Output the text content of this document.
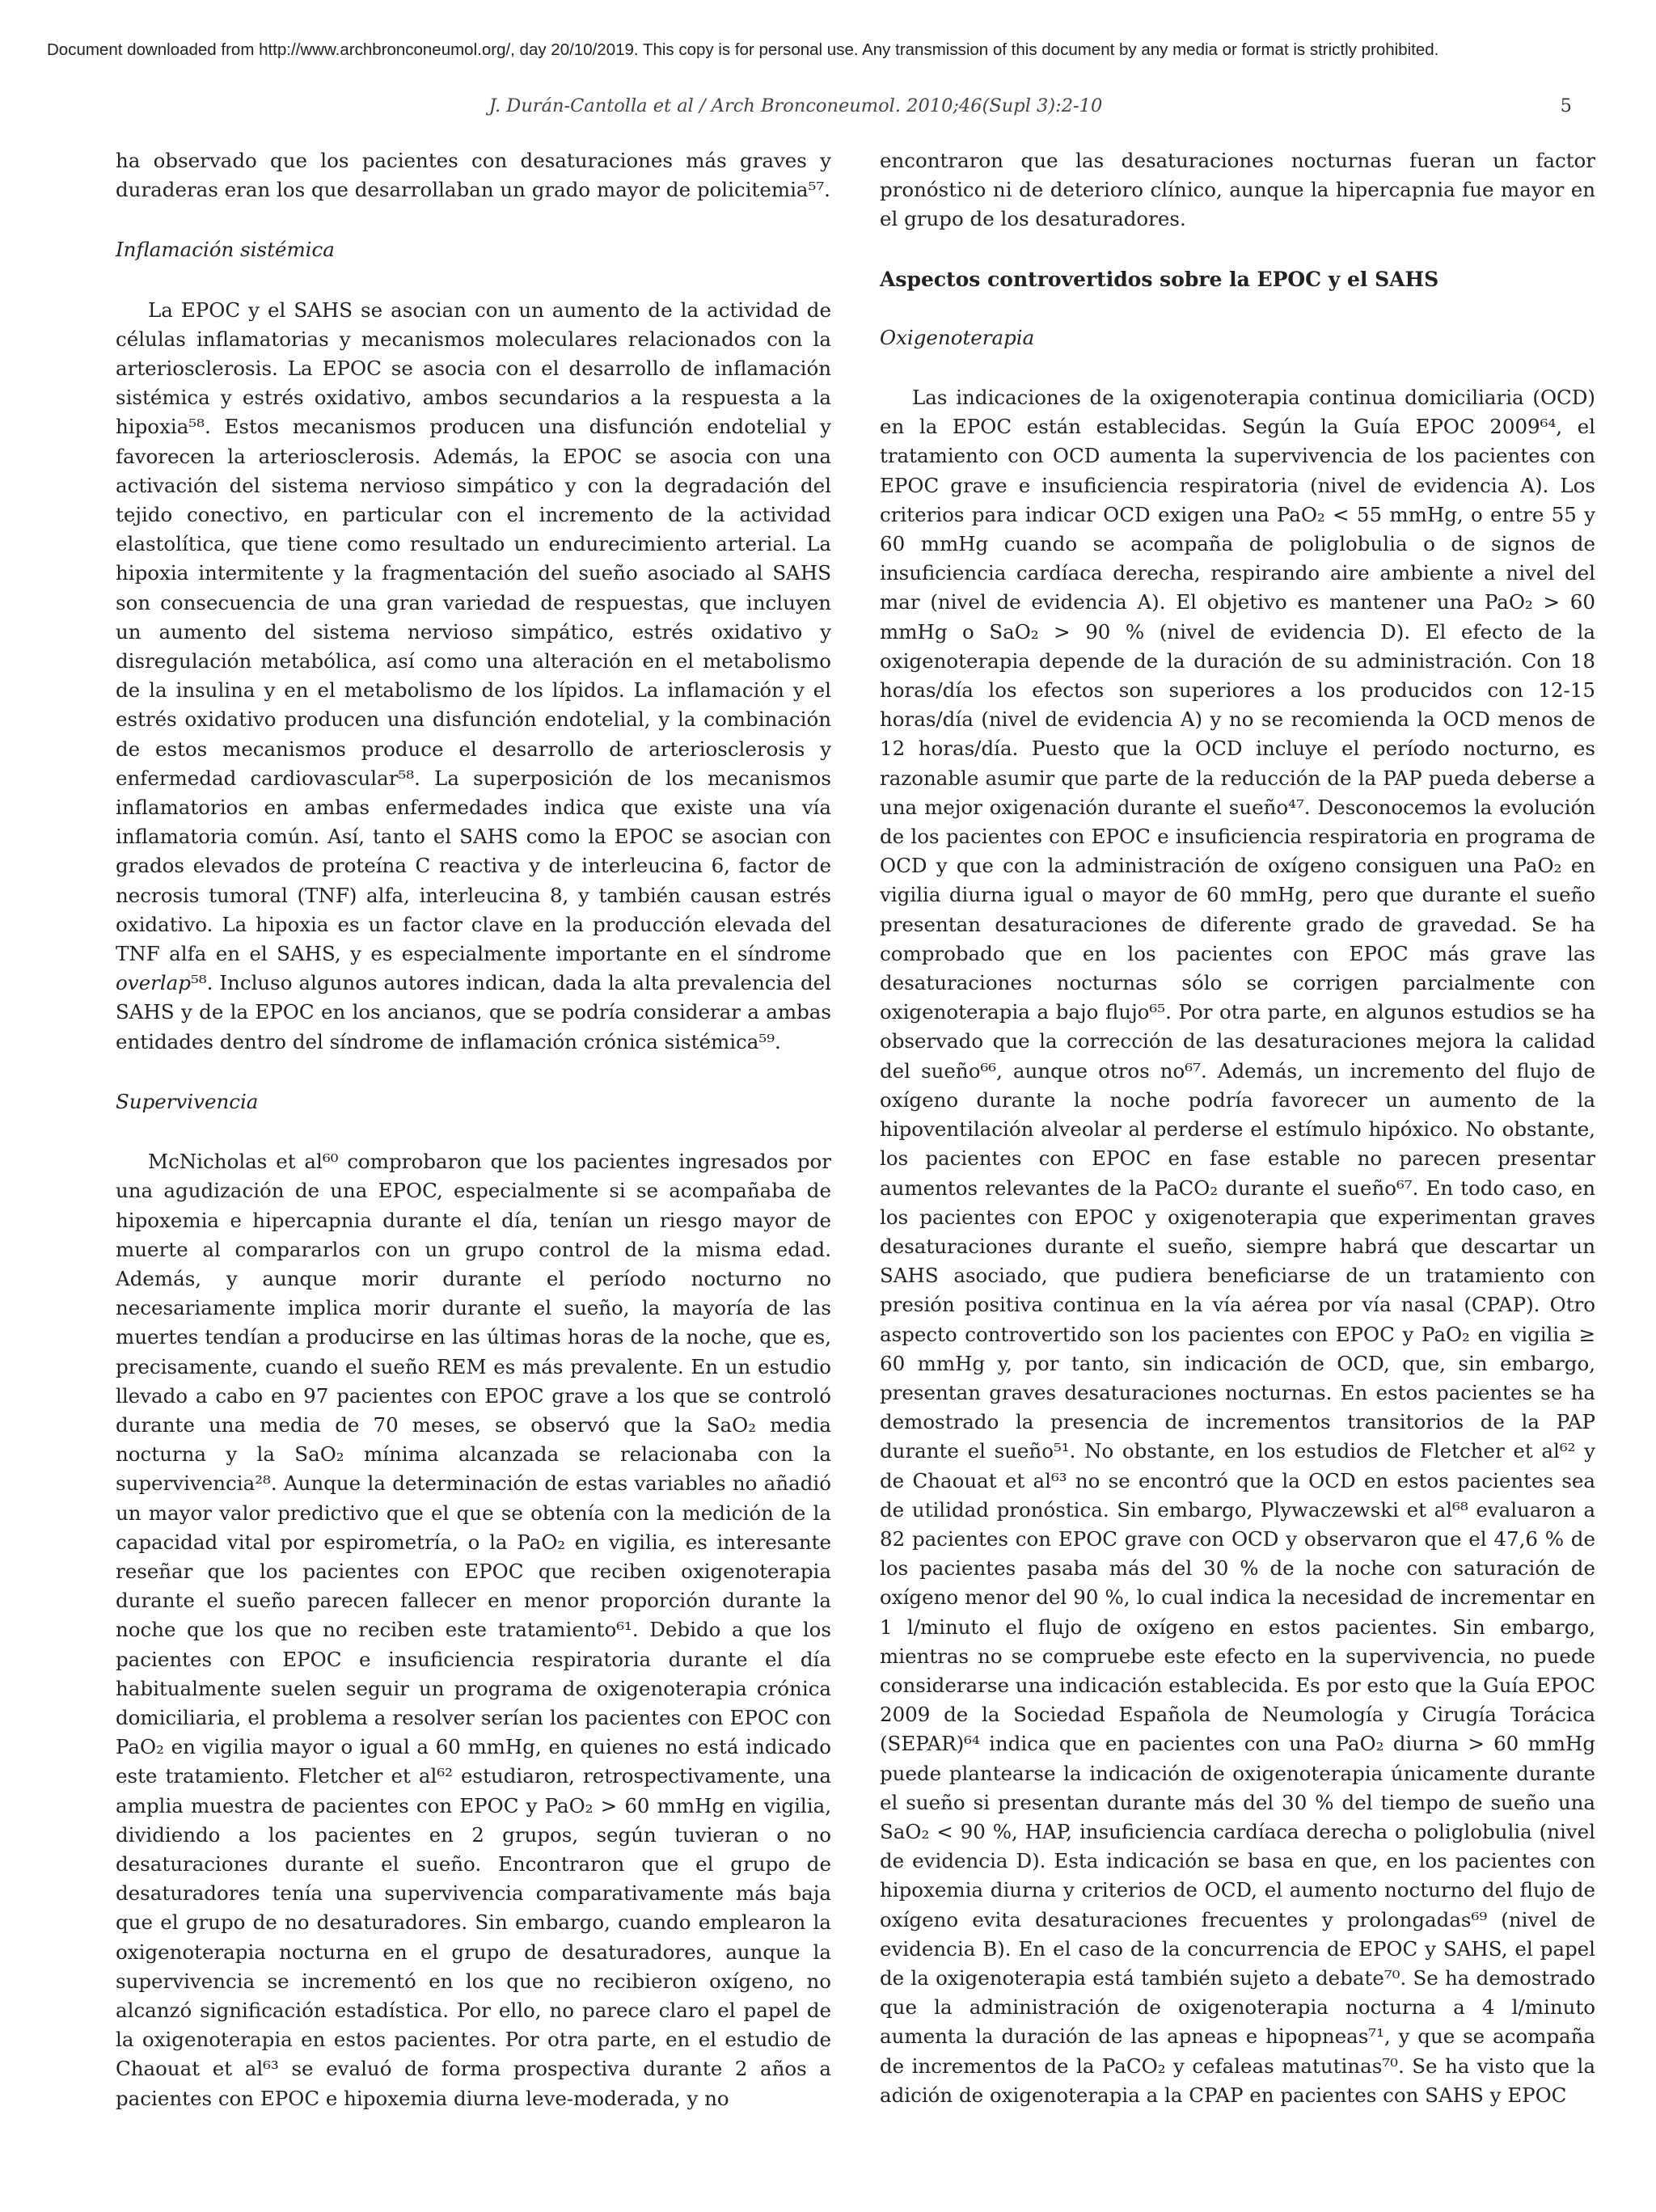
Document downloaded from http://www.archbronconeumol.org/, day 20/10/2019. This copy is for personal use. Any transmission of this document by any media or format is strictly prohibited.
J. Durán-Cantolla et al / Arch Bronconeumol. 2010;46(Supl 3):2-10	5

ha observado que los pacientes con desaturaciones más graves y duraderas eran los que desarrollaban un grado mayor de policitemia⁵⁷.

Inflamación sistémica

La EPOC y el SAHS se asocian con un aumento de la actividad de células inflamatorias y mecanismos moleculares relacionados con la arteriosclerosis. La EPOC se asocia con el desarrollo de inflamación sistémica y estrés oxidativo, ambos secundarios a la respuesta a la hipoxia⁵⁸. Estos mecanismos producen una disfunción endotelial y favorecen la arteriosclerosis. Además, la EPOC se asocia con una activación del sistema nervioso simpático y con la degradación del tejido conectivo, en particular con el incremento de la actividad elastolítica, que tiene como resultado un endurecimiento arterial. La hipoxia intermitente y la fragmentación del sueño asociado al SAHS son consecuencia de una gran variedad de respuestas, que incluyen un aumento del sistema nervioso simpático, estrés oxidativo y disregulación metabólica, así como una alteración en el metabolismo de la insulina y en el metabolismo de los lípidos. La inflamación y el estrés oxidativo producen una disfunción endotelial, y la combinación de estos mecanismos produce el desarrollo de arteriosclerosis y enfermedad cardiovascular⁵⁸. La superposición de los mecanismos inflamatorios en ambas enfermedades indica que existe una vía inflamatoria común. Así, tanto el SAHS como la EPOC se asocian con grados elevados de proteína C reactiva y de interleucina 6, factor de necrosis tumoral (TNF) alfa, interleucina 8, y también causan estrés oxidativo. La hipoxia es un factor clave en la producción elevada del TNF alfa en el SAHS, y es especialmente importante en el síndrome overlap⁵⁸. Incluso algunos autores indican, dada la alta prevalencia del SAHS y de la EPOC en los ancianos, que se podría considerar a ambas entidades dentro del síndrome de inflamación crónica sistémica⁵⁹.

Supervivencia

McNicholas et al⁶⁰ comprobaron que los pacientes ingresados por una agudización de una EPOC, especialmente si se acompañaba de hipoxemia e hipercapnia durante el día, tenían un riesgo mayor de muerte al compararlos con un grupo control de la misma edad. Además, y aunque morir durante el período nocturno no necesariamente implica morir durante el sueño, la mayoría de las muertes tendían a producirse en las últimas horas de la noche, que es, precisamente, cuando el sueño REM es más prevalente. En un estudio llevado a cabo en 97 pacientes con EPOC grave a los que se controló durante una media de 70 meses, se observó que la SaO₂ media nocturna y la SaO₂ mínima alcanzada se relacionaba con la supervivencia²⁸. Aunque la determinación de estas variables no añadió un mayor valor predictivo que el que se obtenía con la medición de la capacidad vital por espirometría, o la PaO₂ en vigilia, es interesante reseñar que los pacientes con EPOC que reciben oxigenoterapia durante el sueño parecen fallecer en menor proporción durante la noche que los que no reciben este tratamiento⁶¹. Debido a que los pacientes con EPOC e insuficiencia respiratoria durante el día habitualmente suelen seguir un programa de oxigenoterapia crónica domiciliaria, el problema a resolver serían los pacientes con EPOC con PaO₂ en vigilia mayor o igual a 60 mmHg, en quienes no está indicado este tratamiento. Fletcher et al⁶² estudiaron, retrospectivamente, una amplia muestra de pacientes con EPOC y PaO₂ > 60 mmHg en vigilia, dividiendo a los pacientes en 2 grupos, según tuvieran o no desaturaciones durante el sueño. Encontraron que el grupo de desaturadores tenía una supervivencia comparativamente más baja que el grupo de no desaturadores. Sin embargo, cuando emplearon la oxigenoterapia nocturna en el grupo de desaturadores, aunque la supervivencia se incrementó en los que no recibieron oxígeno, no alcanzó significación estadística. Por ello, no parece claro el papel de la oxigenoterapia en estos pacientes. Por otra parte, en el estudio de Chaouat et al⁶³ se evaluó de forma prospectiva durante 2 años a pacientes con EPOC e hipoxemia diurna leve-moderada, y no

encontraron que las desaturaciones nocturnas fueran un factor pronóstico ni de deterioro clínico, aunque la hipercapnia fue mayor en el grupo de los desaturadores.

Aspectos controvertidos sobre la EPOC y el SAHS
Oxigenoterapia

Las indicaciones de la oxigenoterapia continua domiciliaria (OCD) en la EPOC están establecidas. Según la Guía EPOC 2009⁶⁴, el tratamiento con OCD aumenta la supervivencia de los pacientes con EPOC grave e insuficiencia respiratoria (nivel de evidencia A). Los criterios para indicar OCD exigen una PaO₂ < 55 mmHg, o entre 55 y 60 mmHg cuando se acompaña de poliglobulia o de signos de insuficiencia cardíaca derecha, respirando aire ambiente a nivel del mar (nivel de evidencia A). El objetivo es mantener una PaO₂ > 60 mmHg o SaO₂ > 90 % (nivel de evidencia D). El efecto de la oxigenoterapia depende de la duración de su administración. Con 18 horas/día los efectos son superiores a los producidos con 12-15 horas/día (nivel de evidencia A) y no se recomienda la OCD menos de 12 horas/día. Puesto que la OCD incluye el período nocturno, es razonable asumir que parte de la reducción de la PAP pueda deberse a una mejor oxigenación durante el sueño⁴⁷. Desconocemos la evolución de los pacientes con EPOC e insuficiencia respiratoria en programa de OCD y que con la administración de oxígeno consiguen una PaO₂ en vigilia diurna igual o mayor de 60 mmHg, pero que durante el sueño presentan desaturaciones de diferente grado de gravedad. Se ha comprobado que en los pacientes con EPOC más grave las desaturaciones nocturnas sólo se corrigen parcialmente con oxigenoterapia a bajo flujo⁶⁵. Por otra parte, en algunos estudios se ha observado que la corrección de las desaturaciones mejora la calidad del sueño⁶⁶, aunque otros no⁶⁷. Además, un incremento del flujo de oxígeno durante la noche podría favorecer un aumento de la hipoventilación alveolar al perderse el estímulo hipóxico. No obstante, los pacientes con EPOC en fase estable no parecen presentar aumentos relevantes de la PaCO₂ durante el sueño⁶⁷. En todo caso, en los pacientes con EPOC y oxigenoterapia que experimentan graves desaturaciones durante el sueño, siempre habrá que descartar un SAHS asociado, que pudiera beneficiarse de un tratamiento con presión positiva continua en la vía aérea por vía nasal (CPAP). Otro aspecto controvertido son los pacientes con EPOC y PaO₂ en vigilia ≥ 60 mmHg y, por tanto, sin indicación de OCD, que, sin embargo, presentan graves desaturaciones nocturnas. En estos pacientes se ha demostrado la presencia de incrementos transitorios de la PAP durante el sueño⁵¹. No obstante, en los estudios de Fletcher et al⁶² y de Chaouat et al⁶³ no se encontró que la OCD en estos pacientes sea de utilidad pronóstica. Sin embargo, Plywaczewski et al⁶⁸ evaluaron a 82 pacientes con EPOC grave con OCD y observaron que el 47,6 % de los pacientes pasaba más del 30 % de la noche con saturación de oxígeno menor del 90 %, lo cual indica la necesidad de incrementar en 1 l/minuto el flujo de oxígeno en estos pacientes. Sin embargo, mientras no se compruebe este efecto en la supervivencia, no puede considerarse una indicación establecida. Es por esto que la Guía EPOC 2009 de la Sociedad Española de Neumología y Cirugía Torácica (SEPAR)⁶⁴ indica que en pacientes con una PaO₂ diurna > 60 mmHg puede plantearse la indicación de oxigenoterapia únicamente durante el sueño si presentan durante más del 30 % del tiempo de sueño una SaO₂ < 90 %, HAP, insuficiencia cardíaca derecha o poliglobulia (nivel de evidencia D). Esta indicación se basa en que, en los pacientes con hipoxemia diurna y criterios de OCD, el aumento nocturno del flujo de oxígeno evita desaturaciones frecuentes y prolongadas⁶⁹ (nivel de evidencia B). En el caso de la concurrencia de EPOC y SAHS, el papel de la oxigenoterapia está también sujeto a debate⁷⁰. Se ha demostrado que la administración de oxigenoterapia nocturna a 4 l/minuto aumenta la duración de las apneas e hipopneas⁷¹, y que se acompaña de incrementos de la PaCO₂ y cefaleas matutinas⁷⁰. Se ha visto que la adición de oxigenoterapia a la CPAP en pacientes con SAHS y EPOC
